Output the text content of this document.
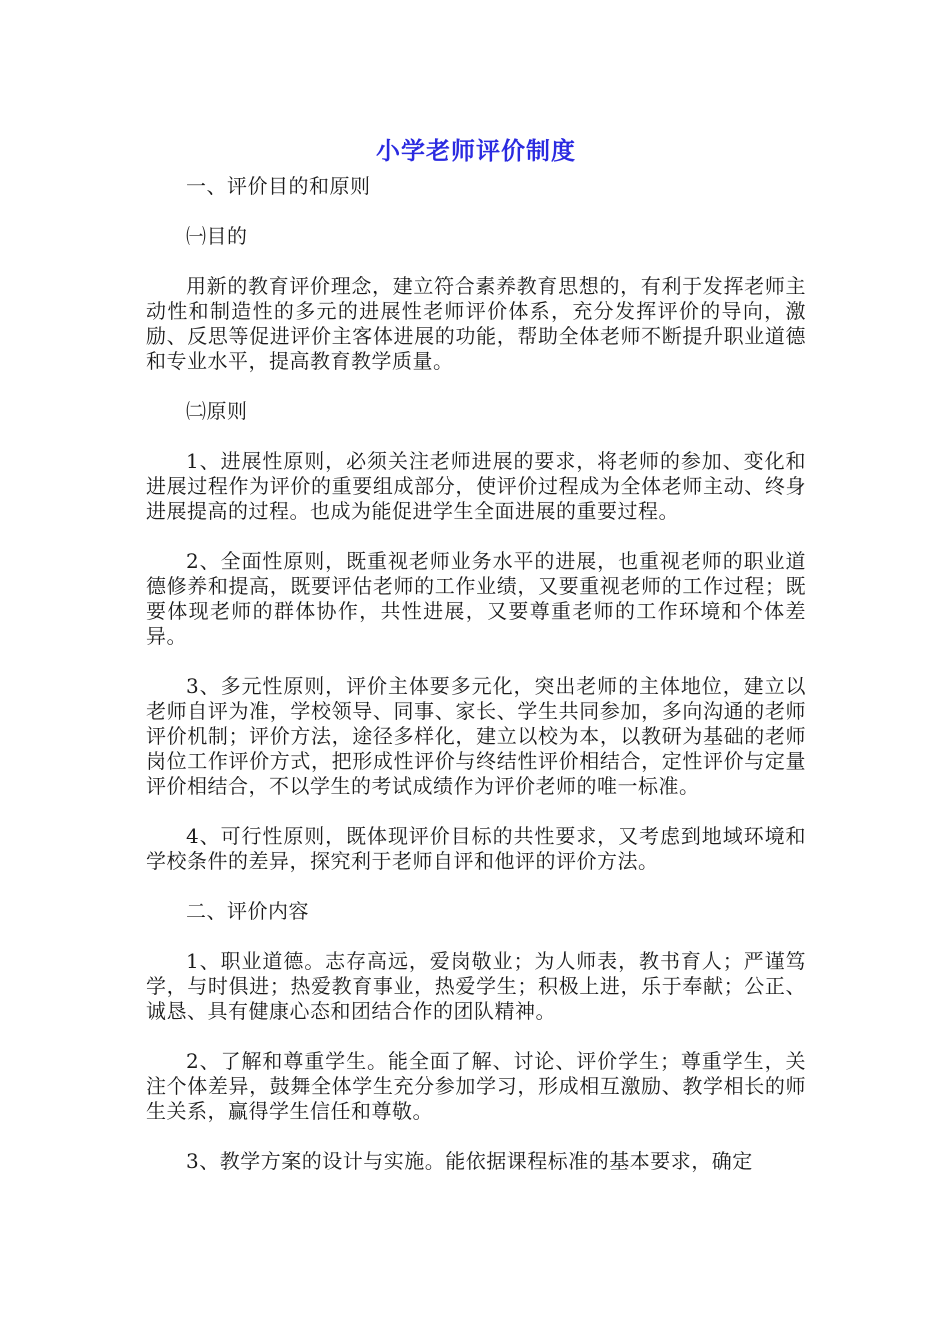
小学老师评价制度

一、评价目的和原则

㈠目的

用新的教育评价理念，建立符合素养教育思想的，有利于发挥老师主动性和制造性的多元的进展性老师评价体系，充分发挥评价的导向，激励、反思等促进评价主客体进展的功能，帮助全体老师不断提升职业道德和专业水平，提高教育教学质量。

㈡原则

1、进展性原则，必须关注老师进展的要求，将老师的参加、变化和进展过程作为评价的重要组成部分，使评价过程成为全体老师主动、终身进展提高的过程。也成为能促进学生全面进展的重要过程。

2、全面性原则，既重视老师业务水平的进展，也重视老师的职业道德修养和提高，既要评估老师的工作业绩，又要重视老师的工作过程；既要体现老师的群体协作，共性进展，又要尊重老师的工作环境和个体差异。

3、多元性原则，评价主体要多元化，突出老师的主体地位，建立以老师自评为准，学校领导、同事、家长、学生共同参加，多向沟通的老师评价机制；评价方法，途径多样化，建立以校为本，以教研为基础的老师岗位工作评价方式，把形成性评价与终结性评价相结合，定性评价与定量评价相结合，不以学生的考试成绩作为评价老师的唯一标准。

4、可行性原则，既体现评价目标的共性要求，又考虑到地域环境和学校条件的差异，探究利于老师自评和他评的评价方法。

二、评价内容

1、职业道德。志存高远，爱岗敬业；为人师表，教书育人；严谨笃学，与时俱进；热爱教育事业，热爱学生；积极上进，乐于奉献；公正、诚恳、具有健康心态和团结合作的团队精神。

2、了解和尊重学生。能全面了解、讨论、评价学生；尊重学生，关注个体差异，鼓舞全体学生充分参加学习，形成相互激励、教学相长的师生关系，赢得学生信任和尊敬。

3、教学方案的设计与实施。能依据课程标准的基本要求，确定
